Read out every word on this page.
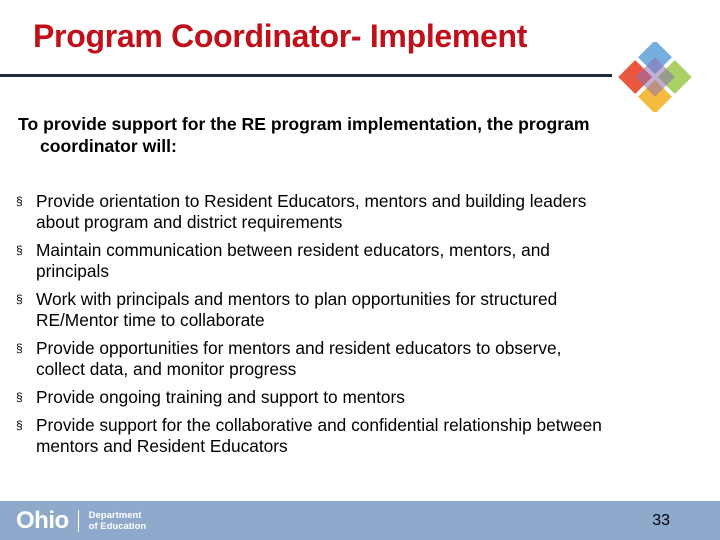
Program Coordinator- Implement
To provide support for the RE program implementation, the program
coordinator will:
§ Provide orientation to Resident Educators, mentors and building leaders
about program and district requirements
§ Maintain communication between resident educators, mentors, and
principals
§ Work with principals and mentors to plan opportunities for structured
RE/Mentor time to collaborate
§ Provide opportunities for mentors and resident educators to observe,
collect data, and monitor progress
§ Provide ongoing training and support to mentors
§ Provide support for the collaborative and confidential relationship between
mentors and Resident Educators
Ohio Department
of Education	33
